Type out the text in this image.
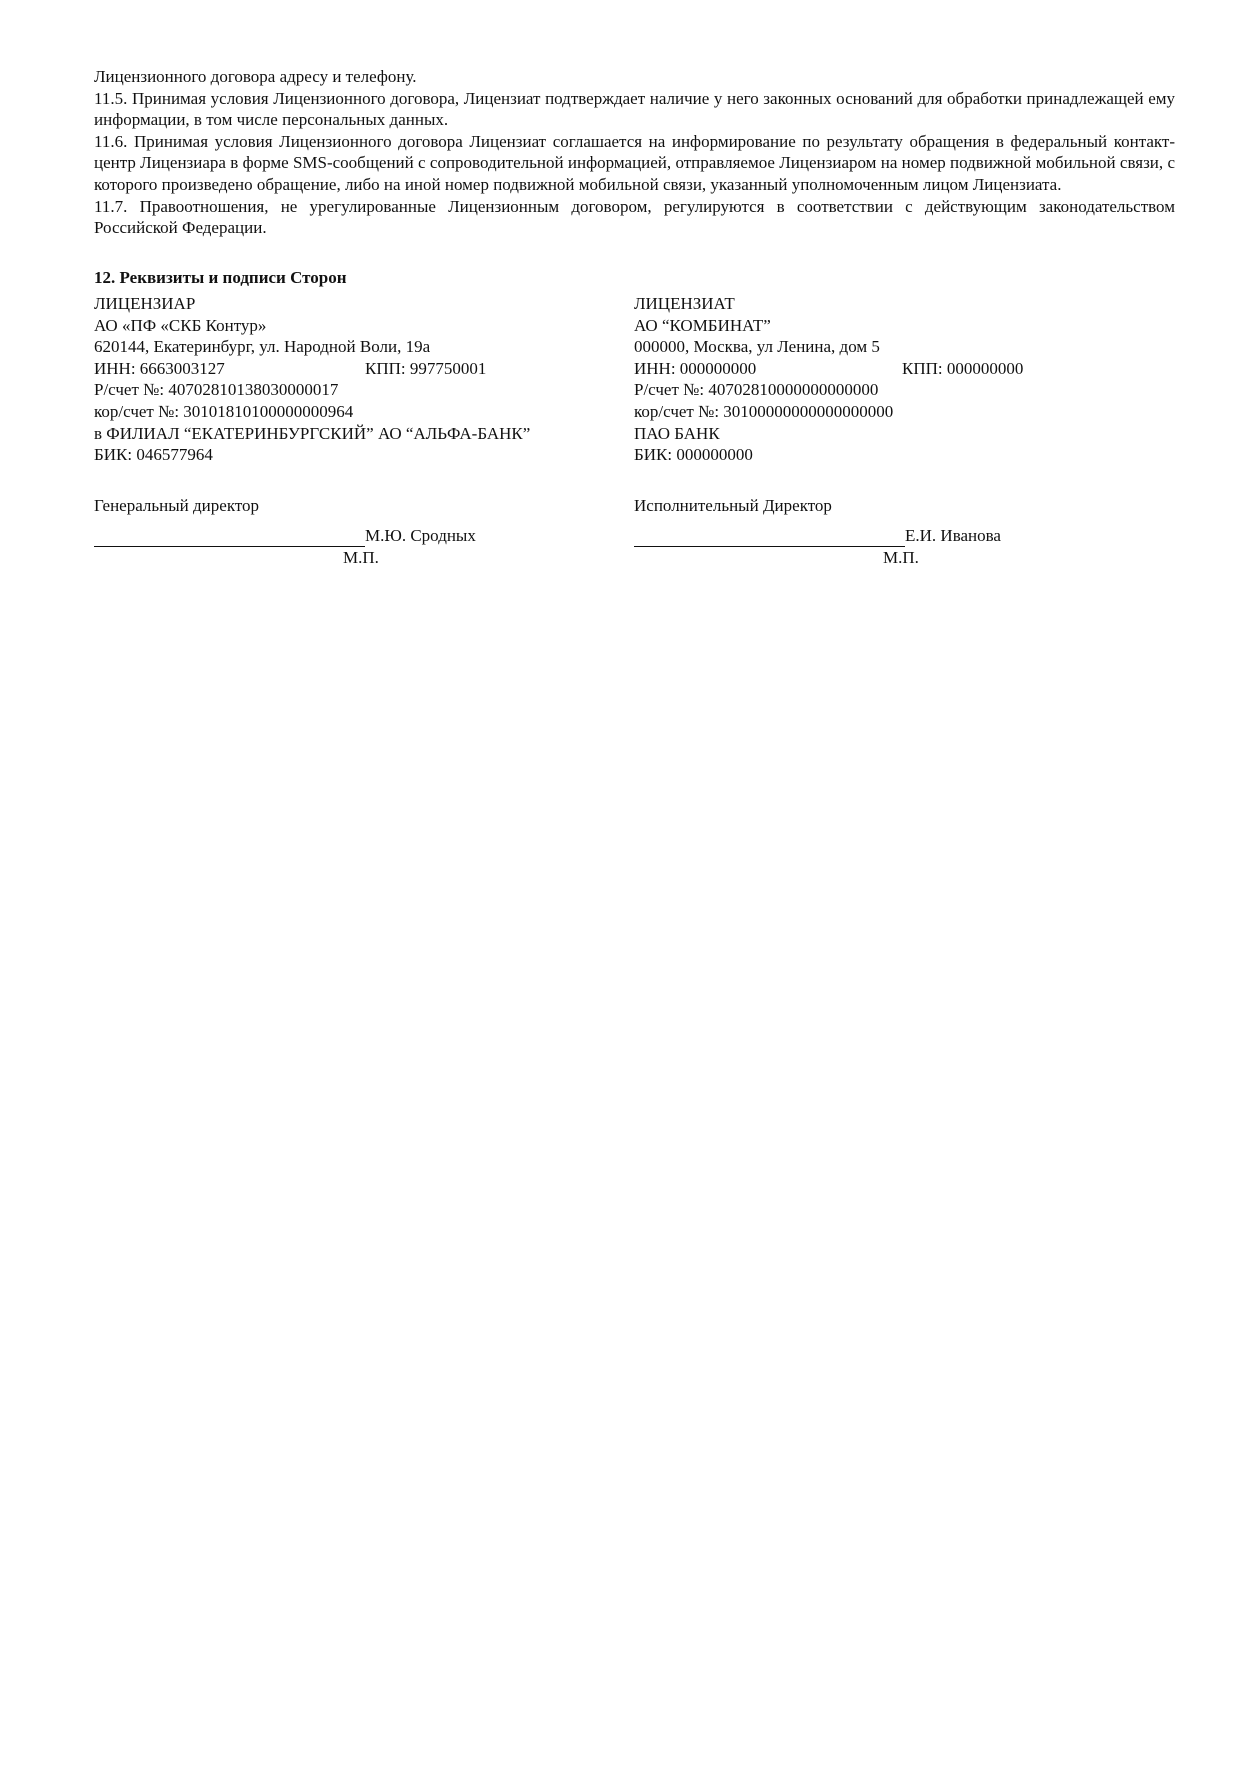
Лицензионного договора адресу и телефону.

11.5. Принимая условия Лицензионного договора, Лицензиат подтверждает наличие у него законных оснований для обработки принадлежащей ему информации, в том числе персональных данных.

11.6. Принимая условия Лицензионного договора Лицензиат соглашается на информирование по результату обращения в федеральный контакт-центр Лицензиара в форме SMS-сообщений с сопроводительной информацией, отправляемое Лицензиаром на номер подвижной мобильной связи, с которого произведено обращение, либо на иной номер подвижной мобильной связи, указанный уполномоченным лицом Лицензиата.

11.7. Правоотношения, не урегулированные Лицензионным договором, регулируются в соответствии с действующим законодательством Российской Федерации.

12. Реквизиты и подписи Сторон
ЛИЦЕНЗИАР
АО «ПФ «СКБ Контур»
620144, Екатеринбург, ул. Народной Воли, 19а
ИНН: 6663003127	КПП: 997750001
Р/счет №: 40702810138030000017
кор/счет №: 30101810100000000964
в ФИЛИАЛ “ЕКАТЕРИНБУРГСКИЙ” АО “АЛЬФА-БАНК”
БИК: 046577964
ЛИЦЕНЗИАТ
АО “КОМБИНАТ”
000000, Москва, ул Ленина, дом 5
ИНН: 000000000	КПП: 000000000
Р/счет №: 40702810000000000000
кор/счет №: 30100000000000000000
ПАО БАНК
БИК: 000000000
Генеральный директор
М.Ю. Сродных
М.П.
Исполнительный Директор
Е.И. Иванова
М.П.
